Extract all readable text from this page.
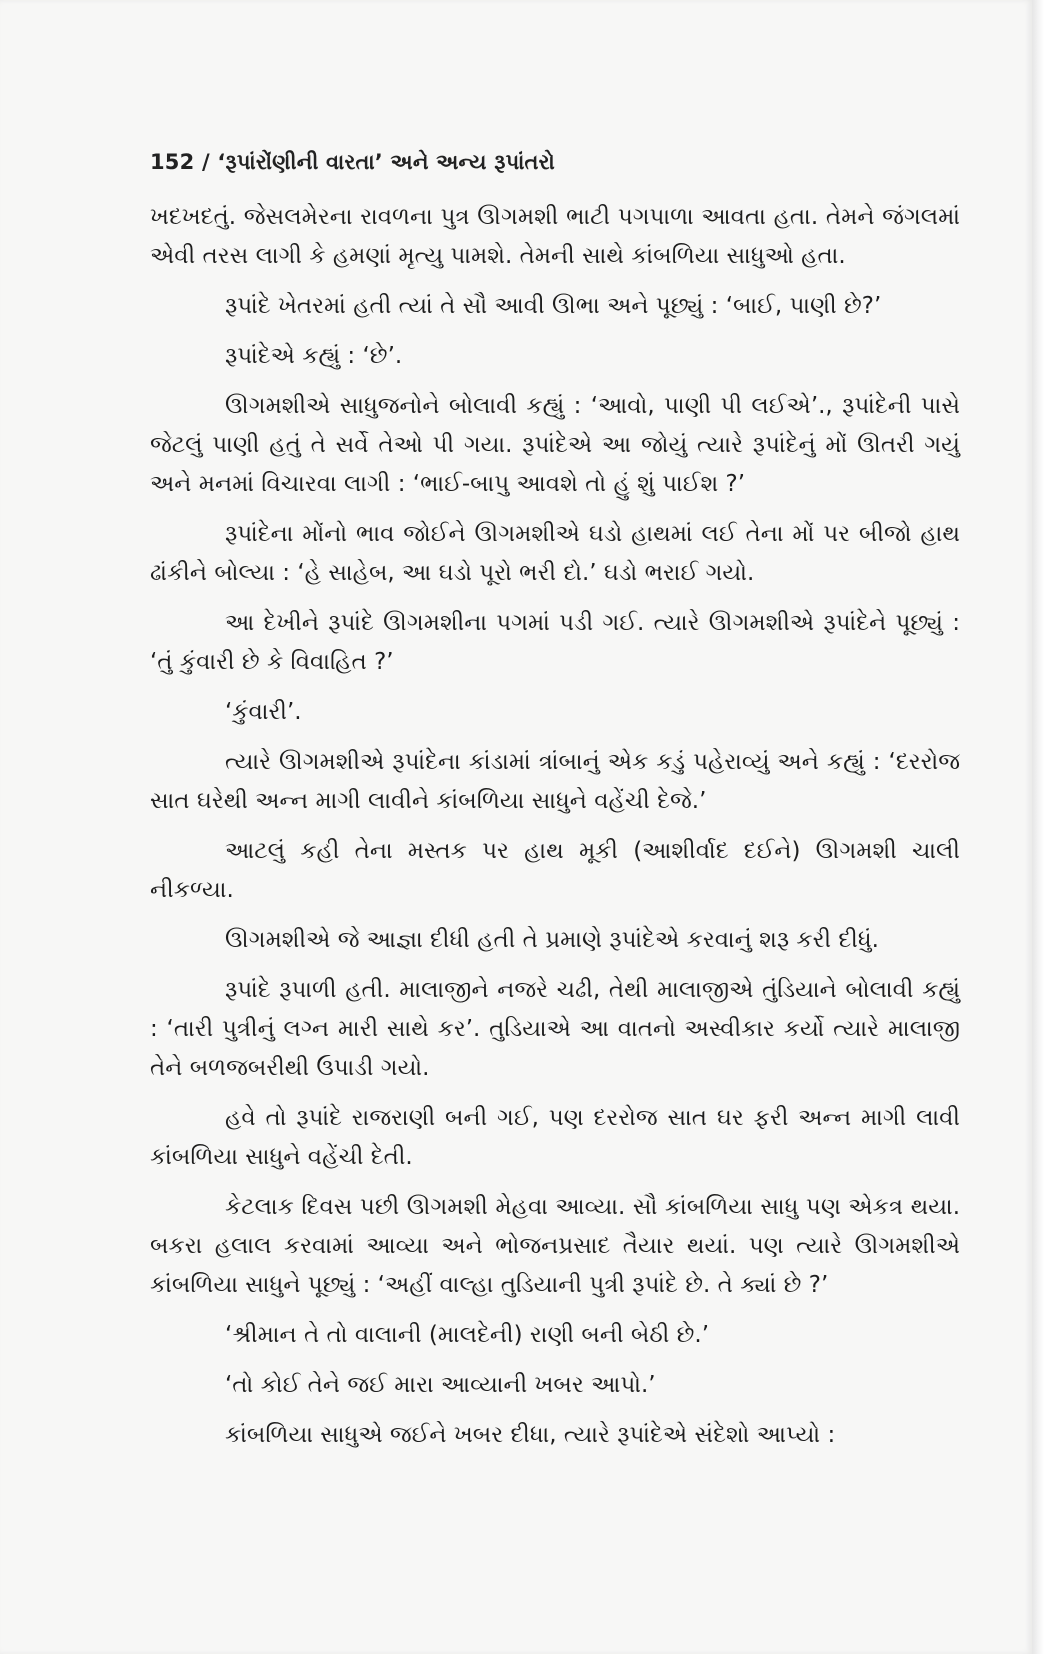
152 / ‘રૂપાંરોંણીની વારતા’ અને અન્ય રૂપાંતરો

ખદખદતું. જેસલમેરના રાવળના પુત્ર ઊગમશી ભાટી પગપાળા આવતા હતા. તેમને જંગલમાં એવી તરસ લાગી કે હમણાં મૃત્યુ પામશે. તેમની સાથે કાંબળિયા સાધુઓ હતા.

રૂપાંદે ખેતરમાં હતી ત્યાં તે સૌ આવી ઊભા અને પૂછ્યું : ‘બાઈ, પાણી છે?’

રૂપાંદેએ કહ્યું : ‘છે’.

ઊગમશીએ સાધુજનોને બોલાવી કહ્યું : ‘આવો, પાણી પી લઈએ’., રૂપાંદેની પાસે જેટલું પાણી હતું તે સર્વે તેઓ પી ગયા. રૂપાંદેએ આ જોયું ત્યારે રૂપાંદેનું મોં ઊતરી ગયું અને મનમાં વિચારવા લાગી : ‘ભાઈ-બાપુ આવશે તો હું શું પાઈશ ?’

રૂપાંદેના મોંનો ભાવ જોઈને ઊગમશીએ ઘડો હાથમાં લઈ તેના મોં પર બીજો હાથ ઢાંકીને બોલ્યા : ‘હે સાહેબ, આ ઘડો પૂરો ભરી દો.’ ઘડો ભરાઈ ગયો.

આ દેખીને રૂપાંદે ઊગમશીના પગમાં પડી ગઈ. ત્યારે ઊગમશીએ રૂપાંદેને પૂછ્યું : ‘તું કુંવારી છે કે વિવાહિત ?’

‘કુંવારી’.

ત્યારે ઊગમશીએ રૂપાંદેના કાંડામાં ત્રાંબાનું એક કડું પહેરાવ્યું અને કહ્યું : ‘દરરોજ સાત ઘરેથી અન્ન માગી લાવીને કાંબળિયા સાધુને વહેંચી દેજે.’

આટલું કહી તેના મસ્તક પર હાથ મૂકી (આશીર્વાદ દઈને) ઊગમશી ચાલી નીકળ્યા.

ઊગમશીએ જે આજ્ઞા દીધી હતી તે પ્રમાણે રૂપાંદેએ કરવાનું શરૂ કરી દીધું.

રૂપાંદે રૂપાળી હતી. માલાજીને નજરે ચઢી, તેથી માલાજીએ તુંડિયાને બોલાવી કહ્યું : ‘તારી પુત્રીનું લગ્ન મારી સાથે કર’. તુડિયાએ આ વાતનો અસ્વીકાર કર્યો ત્યારે માલાજી તેને બળજબરીથી ઉપાડી ગયો.

હવે તો રૂપાંદે રાજરાણી બની ગઈ, પણ દરરોજ સાત ઘર ફરી અન્ન માગી લાવી કાંબળિયા સાધુને વહેંચી દેતી.

કેટલાક દિવસ પછી ઊગમશી મેહવા આવ્યા. સૌ કાંબળિયા સાધુ પણ એકત્ર થયા. બકરા હલાલ કરવામાં આવ્યા અને ભોજનપ્રસાદ તૈયાર થયાં. પણ ત્યારે ઊગમશીએ કાંબળિયા સાધુને પૂછ્યું : ‘અહીં વાલ્હા તુડિયાની પુત્રી રૂપાંદે છે. તે ક્યાં છે ?’

‘શ્રીમાન તે તો વાલાની (માલદેની) રાણી બની બેઠી છે.’

‘તો કોઈ તેને જઈ મારા આવ્યાની ખબર આપો.’

કાંબળિયા સાધુએ જઈને ખબર દીધા, ત્યારે રૂપાંદેએ સંદેશો આપ્યો :
